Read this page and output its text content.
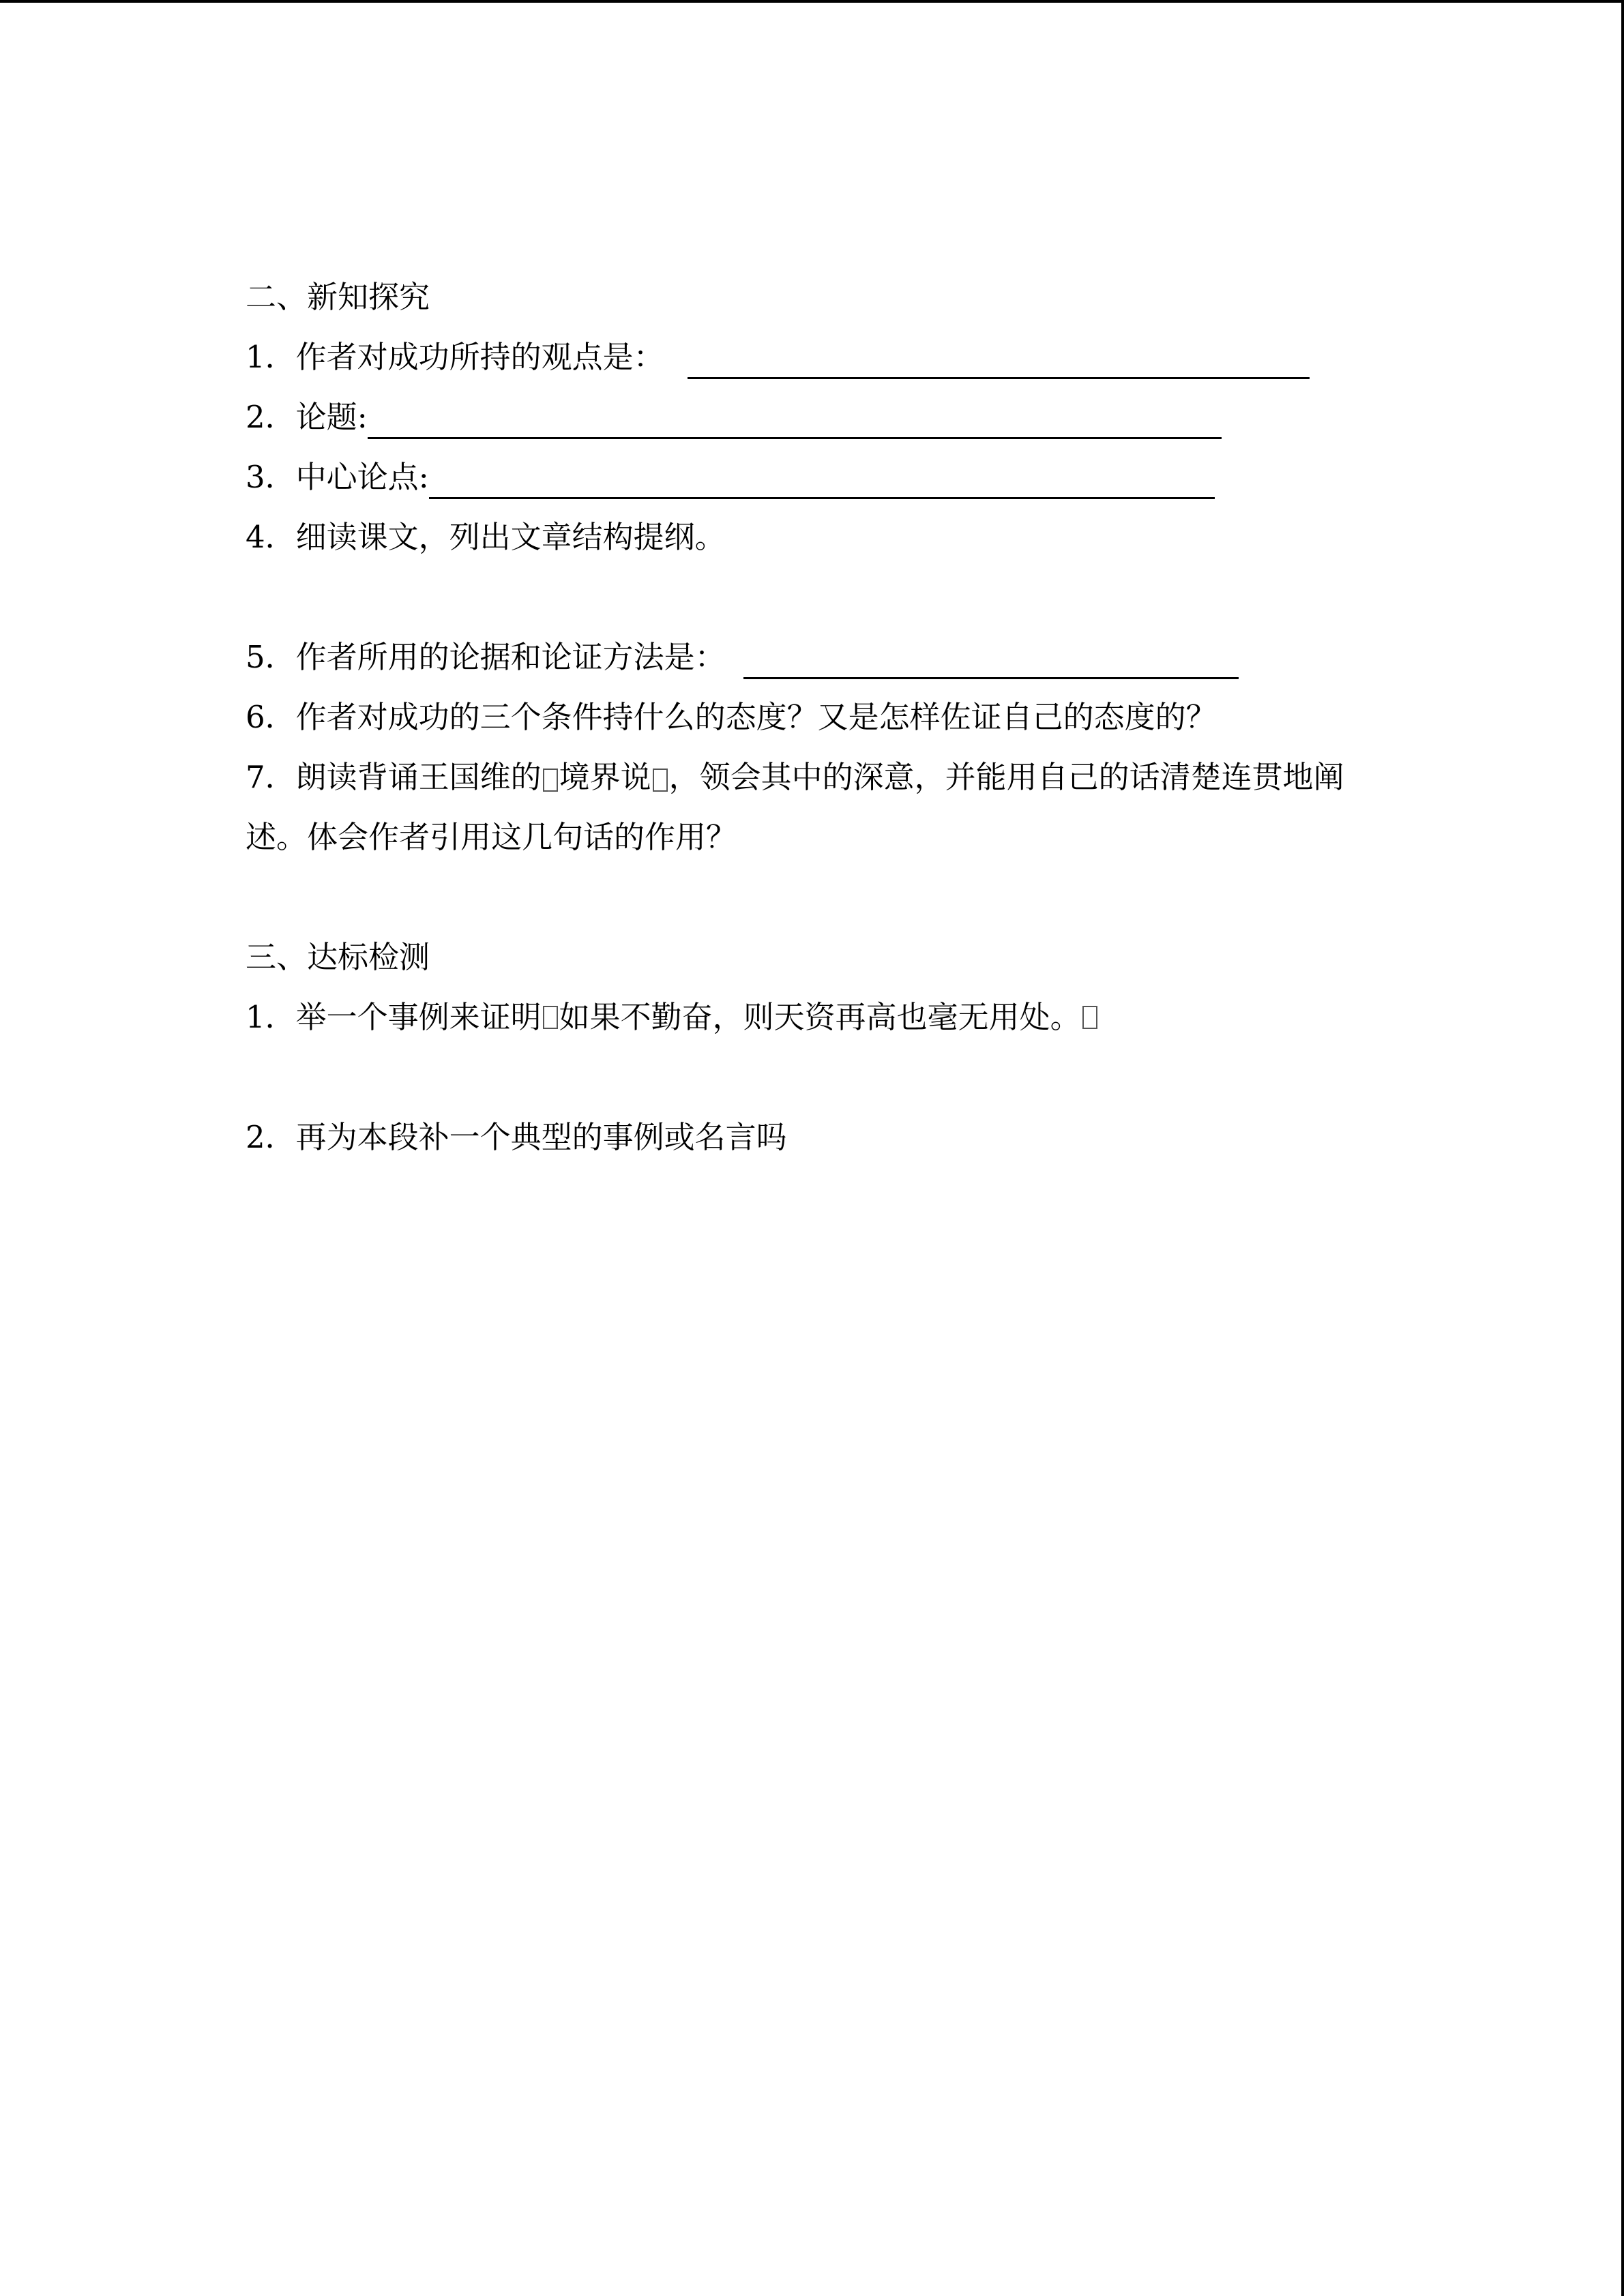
二、新知探究
1． 作者对成功所持的观点是：
2． 论题:
3． 中心论点:
4． 细读课文，列出文章结构提纲。
5． 作者所用的论据和论证方法是：
6． 作者对成功的三个条件持什么的态度？又是怎样佐证自己的态度的？
7．朗读背诵王国维的 境界说 ，领会其中的深意，并能用自己的话清楚连贯地阐述。体会作者引用这几句话的作用？
三、达标检测
1． 举一个事例来证明 如果不勤奋，则天资再高也毫无用处。
2． 再为本段补一个典型的事例或名言吗
